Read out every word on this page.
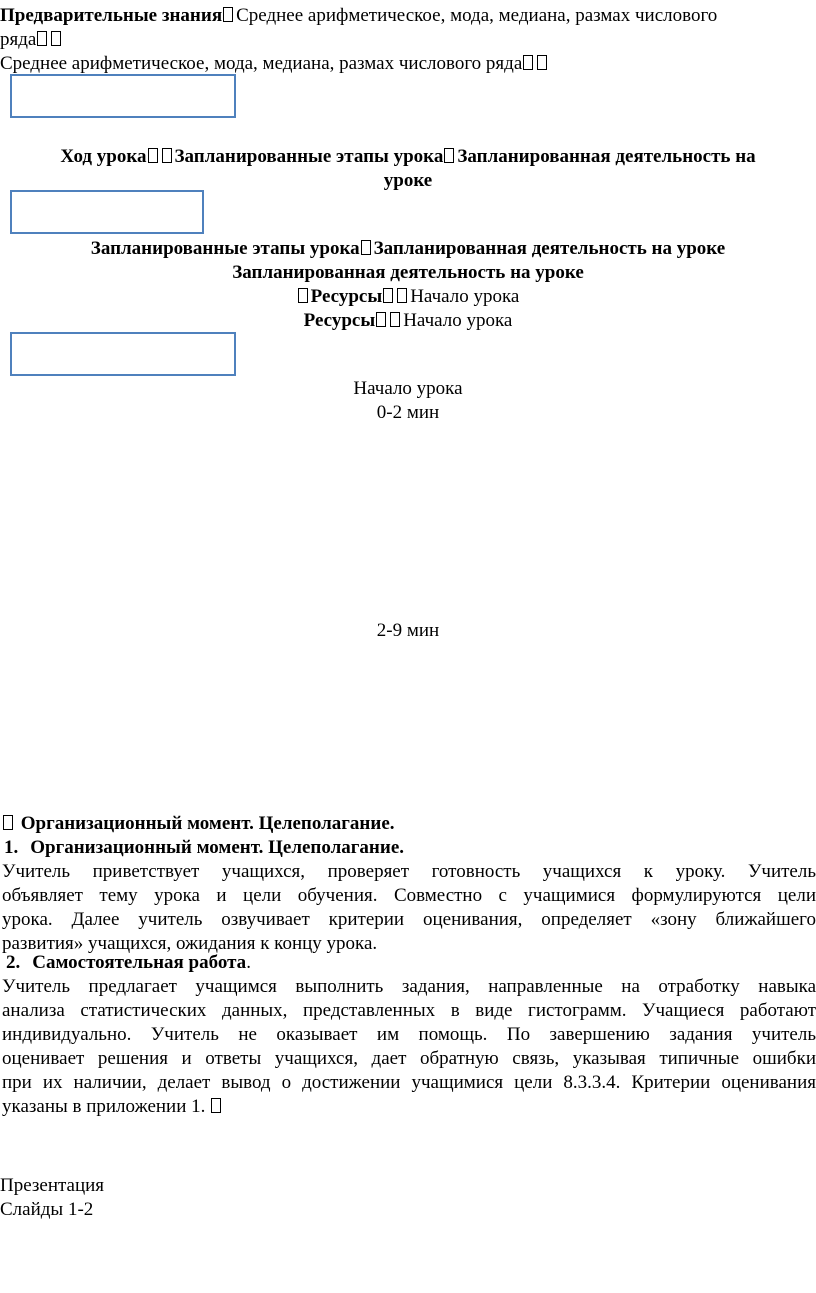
Предварительные знания Среднее арифметическое, мода, медиана, размах числового
ряда
Среднее арифметическое, мода, медиана, размах числового ряда
Ход урока Запланированные этапы урока Запланированная деятельность на
уроке
Запланированные этапы урока Запланированная деятельность на уроке
Запланированная деятельность на уроке
Ресурсы Начало урока
Ресурсы Начало урока
Начало урока
0-2 мин
2-9 мин
Организационный момент. Целеполагание.
1. Организационный момент. Целеполагание.
Учитель приветствует учащихся, проверяет готовность учащихся к уроку. Учитель
объявляет тему урока и цели обучения. Совместно с учащимися формулируются цели
урока. Далее учитель озвучивает критерии оценивания, определяет «зону ближайшего
развития» учащихся, ожидания к концу урока.
2. Самостоятельная работа.
Учитель предлагает учащимся выполнить задания, направленные на отработку навыка
анализа статистических данных, представленных в виде гистограмм. Учащиеся работают
индивидуально. Учитель не оказывает им помощь. По завершению задания учитель
оценивает решения и ответы учащихся, дает обратную связь, указывая типичные ошибки
при их наличии, делает вывод о достижении учащимися цели 8.3.3.4. Критерии оценивания
указаны в приложении 1.
Презентация
Слайды 1-2
